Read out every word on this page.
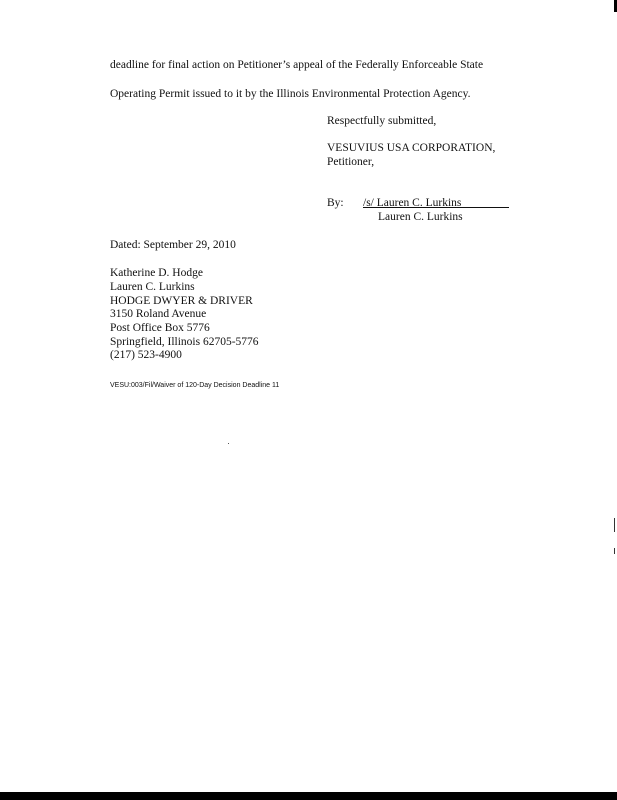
deadline for final action on Petitioner’s appeal of the Federally Enforceable State
Operating Permit issued to it by the Illinois Environmental Protection Agency.
Respectfully submitted,
VESUVIUS USA CORPORATION,
Petitioner,
By: /s/ Lauren C. Lurkins
Lauren C. Lurkins
Dated: September 29, 2010
Katherine D. Hodge
Lauren C. Lurkins
HODGE DWYER & DRIVER
3150 Roland Avenue
Post Office Box 5776
Springfield, Illinois 62705-5776
(217) 523-4900
VESU:003/Fil/Waiver of 120-Day Decision Deadline 11
